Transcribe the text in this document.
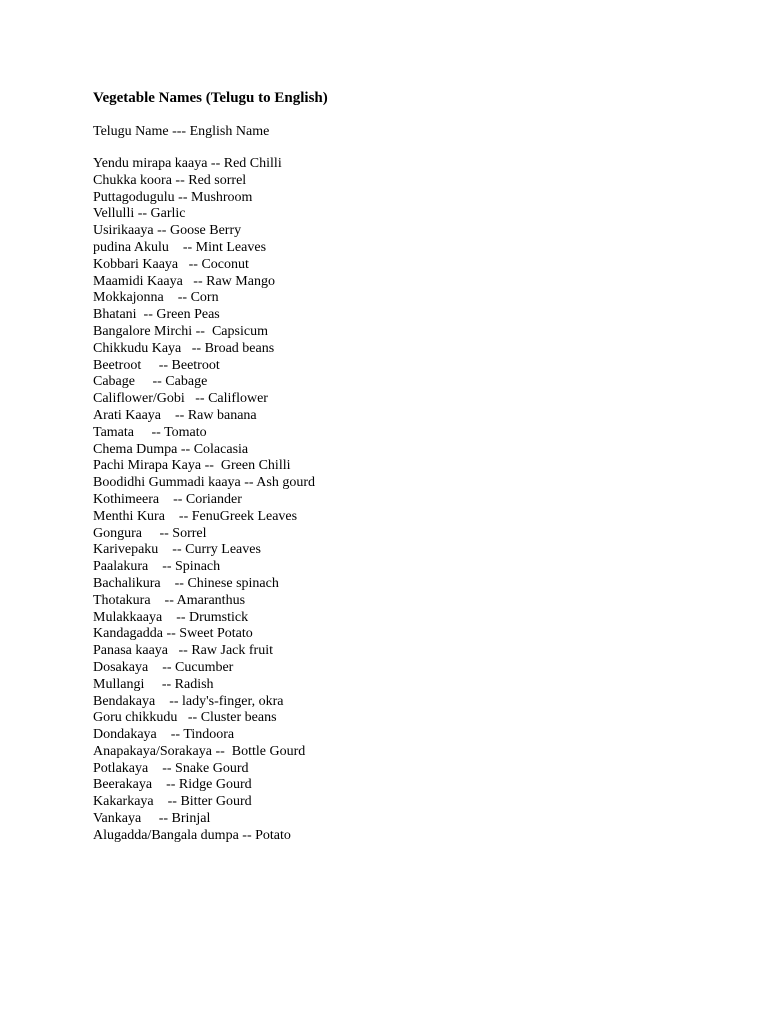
Vegetable Names (Telugu to English)
Telugu Name --- English Name
Yendu mirapa kaaya -- Red Chilli
Chukka koora -- Red sorrel
Puttagodugulu -- Mushroom
Vellulli -- Garlic
Usirikaaya -- Goose Berry
pudina Akulu    -- Mint Leaves
Kobbari Kaaya   -- Coconut
Maamidi Kaaya   -- Raw Mango
Mokkajonna    -- Corn
Bhatani  -- Green Peas
Bangalore Mirchi --  Capsicum
Chikkudu Kaya   -- Broad beans
Beetroot     -- Beetroot
Cabage     -- Cabage
Califlower/Gobi   -- Califlower
Arati Kaaya    -- Raw banana
Tamata     -- Tomato
Chema Dumpa -- Colacasia
Pachi Mirapa Kaya --  Green Chilli
Boodidhi Gummadi kaaya -- Ash gourd
Kothimeera    -- Coriander
Menthi Kura    -- FenuGreek Leaves
Gongura     -- Sorrel
Karivepaku    -- Curry Leaves
Paalakura    -- Spinach
Bachalikura    -- Chinese spinach
Thotakura    -- Amaranthus
Mulakkaaya    -- Drumstick
Kandagadda -- Sweet Potato
Panasa kaaya   -- Raw Jack fruit
Dosakaya    -- Cucumber
Mullangi     -- Radish
Bendakaya    -- lady's-finger, okra
Goru chikkudu   -- Cluster beans
Dondakaya    -- Tindoora
Anapakaya/Sorakaya --  Bottle Gourd
Potlakaya    -- Snake Gourd
Beerakaya    -- Ridge Gourd
Kakarkaya    -- Bitter Gourd
Vankaya     -- Brinjal
Alugadda/Bangala dumpa -- Potato
